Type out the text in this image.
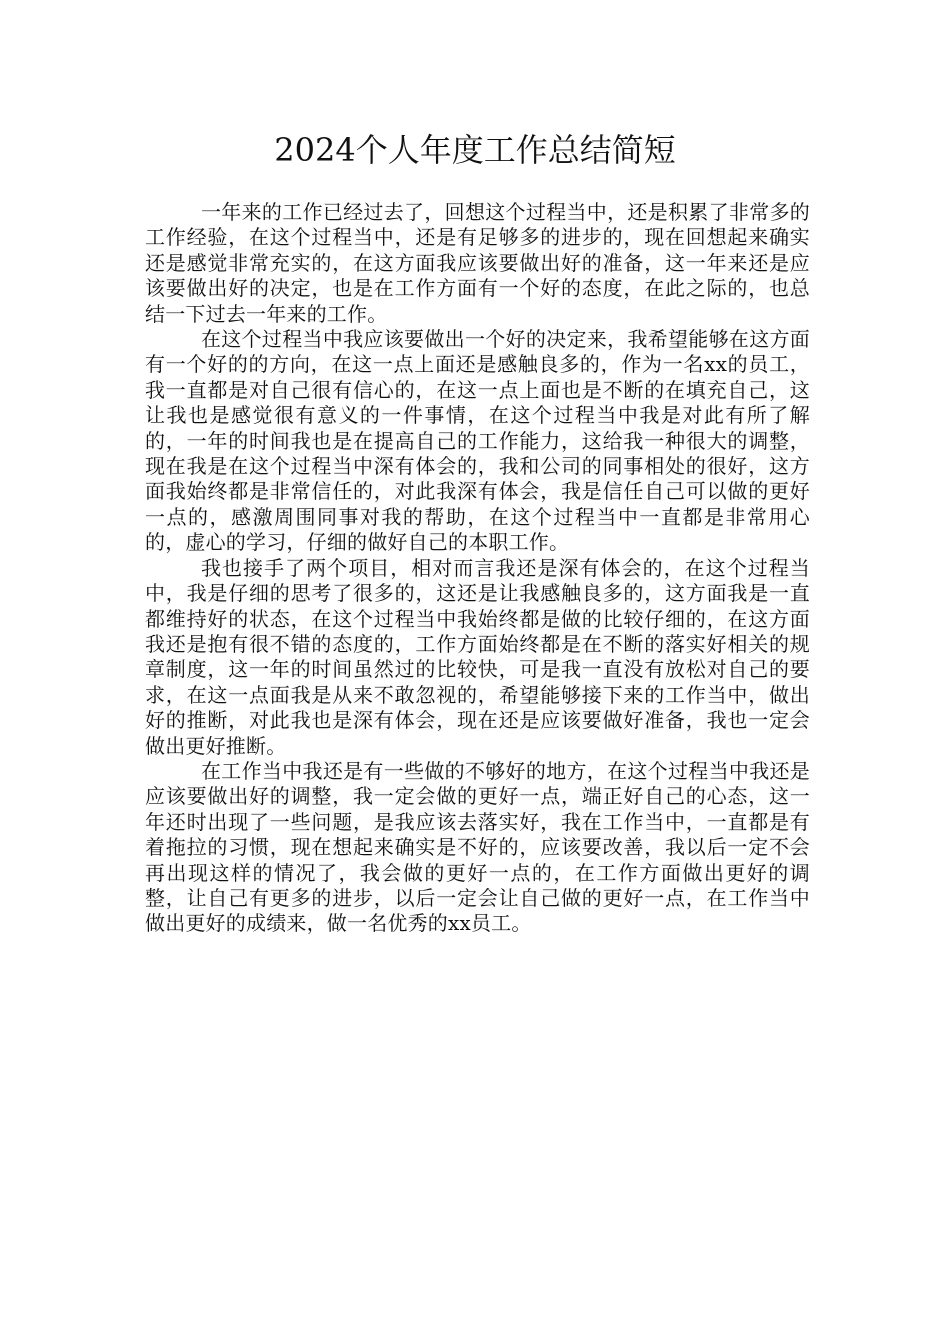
2024个人年度工作总结简短

一年来的工作已经过去了，回想这个过程当中，还是积累了非常多的工作经验，在这个过程当中，还是有足够多的进步的，现在回想起来确实还是感觉非常充实的，在这方面我应该要做出好的准备，这一年来还是应该要做出好的决定，也是在工作方面有一个好的态度，在此之际的，也总结一下过去一年来的工作。

在这个过程当中我应该要做出一个好的决定来，我希望能够在这方面有一个好的的方向，在这一点上面还是感触良多的，作为一名xx的员工，我一直都是对自己很有信心的，在这一点上面也是不断的在填充自己，这让我也是感觉很有意义的一件事情，在这个过程当中我是对此有所了解的，一年的时间我也是在提高自己的工作能力，这给我一种很大的调整，现在我是在这个过程当中深有体会的，我和公司的同事相处的很好，这方面我始终都是非常信任的，对此我深有体会，我是信任自己可以做的更好一点的，感激周围同事对我的帮助，在这个过程当中一直都是非常用心的，虚心的学习，仔细的做好自己的本职工作。

我也接手了两个项目，相对而言我还是深有体会的，在这个过程当中，我是仔细的思考了很多的，这还是让我感触良多的，这方面我是一直都维持好的状态，在这个过程当中我始终都是做的比较仔细的，在这方面我还是抱有很不错的态度的，工作方面始终都是在不断的落实好相关的规章制度，这一年的时间虽然过的比较快，可是我一直没有放松对自己的要求，在这一点面我是从来不敢忽视的，希望能够接下来的工作当中，做出好的推断，对此我也是深有体会，现在还是应该要做好准备，我也一定会做出更好推断。

在工作当中我还是有一些做的不够好的地方，在这个过程当中我还是应该要做出好的调整，我一定会做的更好一点，端正好自己的心态，这一年还时出现了一些问题，是我应该去落实好，我在工作当中，一直都是有着拖拉的习惯，现在想起来确实是不好的，应该要改善，我以后一定不会再出现这样的情况了，我会做的更好一点的，在工作方面做出更好的调整，让自己有更多的进步，以后一定会让自己做的更好一点，在工作当中做出更好的成绩来，做一名优秀的xx员工。
